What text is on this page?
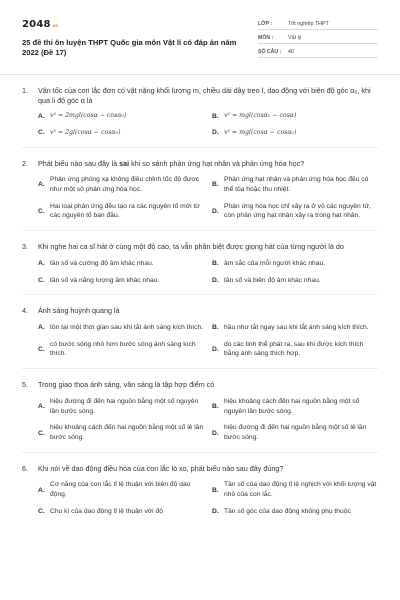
2048 .vn
25 đề thi ôn luyện THPT Quốc gia môn Vật lí có đáp án năm 2022 (Đề 17)
LỚP :	Tốt nghiệp THPT
MÔN :	Vật lý
SỐ CÂU :	40
1.	Vận tốc của con lắc đơn có vật nặng khối lượng m, chiều dài dây treo l, dao động với biên độ góc α₀, khi qua li độ góc α là
A. v² = 2mgl(cosα − cosα₀)	B. v² = mgl(cosα₀ − cosα)
C. v² = 2gl(cosα − cosα₀)	D. v² = mgl(cosα − cosα₀)
2.	Phát biểu nào sau đây là sai khi so sánh phản ứng hạt nhân và phản ứng hóa học?
A.
Phản ứng phóng xạ không điều chỉnh tốc độ được như một số phản ứng hóa học.
B.
Phản ứng hạt nhân và phản ứng hóa học đều có thể tỏa hoặc thu nhiệt.
C.
Hai loại phản ứng đều tạo ra các nguyên tố mới từ các nguyên tố ban đầu.
D.
Phản ứng hóa học chỉ xảy ra ở vỏ các nguyên tử, còn phản ứng hạt nhân xảy ra trong hạt nhân.
3.	Khi nghe hai ca sĩ hát ở cùng một độ cao, ta vẫn phân biệt được giọng hát của từng người là do
A. tần số và cường độ âm khác nhau.	B. âm sắc của mỗi người khác nhau.
C. tần số và năng lượng âm khác nhau.	D. tần số và biên độ âm khác nhau.
4.	Ánh sáng huỳnh quang là
A. tồn tại một thời gian sau khi tắt ánh sáng kích thích. B. hầu như tắt ngay sau khi tắt ánh sáng kích thích.
C.
có bước sóng nhỏ hơn bước sóng ánh sáng kích thích.
D.
do các tinh thể phát ra, sau khi được kích thích bằng ánh sáng thích hợp.
5.	Trong giao thoa ánh sáng, vân sáng là tập hợp điểm có
A.
hiệu đường đi đến hai nguồn bằng một số nguyên lần bước sóng.
B.
hiệu khoảng cách đến hai nguồn bằng một số nguyên lần bước sóng.
C.
hiệu khoảng cách đến hai nguồn bằng một số lẻ lần bước sóng.
D.
hiệu đường đi đến hai nguồn bằng một số lẻ lần bước sóng.
6.	Khi nói về dao động điều hòa của con lắc lò xo, phát biểu nào sau đây đúng?
A.
Cơ năng của con lắc tỉ lệ thuận với biên độ dao động.
B.
Tần số của dao động tỉ lệ nghịch với khối lượng vật nhỏ của con lắc.
C. Chu kì của dao động tỉ lệ thuận với độ	D. Tần số góc của dao động không phụ thuộc
